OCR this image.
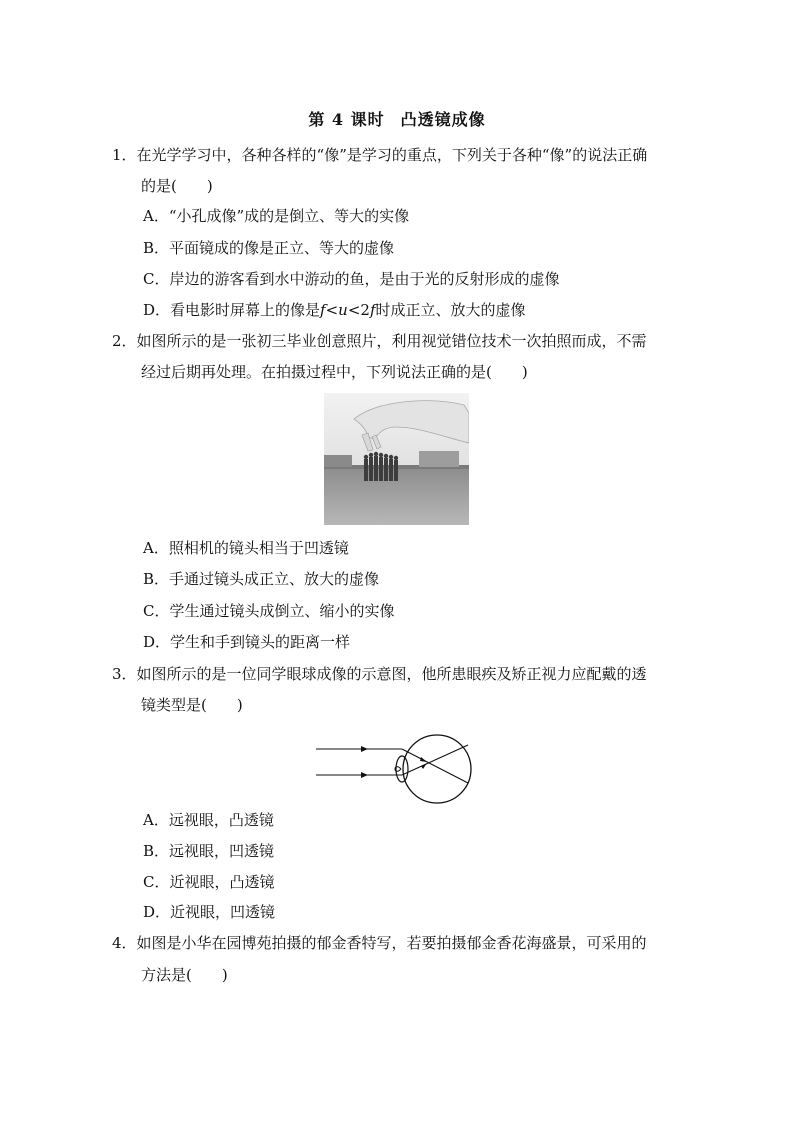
第 4 课时 凸透镜成像
1．在光学学习中，各种各样的“像”是学习的重点，下列关于各种“像”的说法正确
的是(　　)
A．“小孔成像”成的是倒立、等大的实像
B．平面镜成的像是正立、等大的虚像
C．岸边的游客看到水中游动的鱼，是由于光的反射形成的虚像
D．看电影时屏幕上的像是f<u<2f时成正立、放大的虚像
2．如图所示的是一张初三毕业创意照片，利用视觉错位技术一次拍照而成，不需
经过后期再处理。在拍摄过程中，下列说法正确的是(　　)
A．照相机的镜头相当于凹透镜
B．手通过镜头成正立、放大的虚像
C．学生通过镜头成倒立、缩小的实像
D．学生和手到镜头的距离一样
3．如图所示的是一位同学眼球成像的示意图，他所患眼疾及矫正视力应配戴的透
镜类型是(　　)
A．远视眼，凸透镜
B．远视眼，凹透镜
C．近视眼，凸透镜
D．近视眼，凹透镜
4．如图是小华在园博苑拍摄的郁金香特写，若要拍摄郁金香花海盛景，可采用的
方法是(　　)
